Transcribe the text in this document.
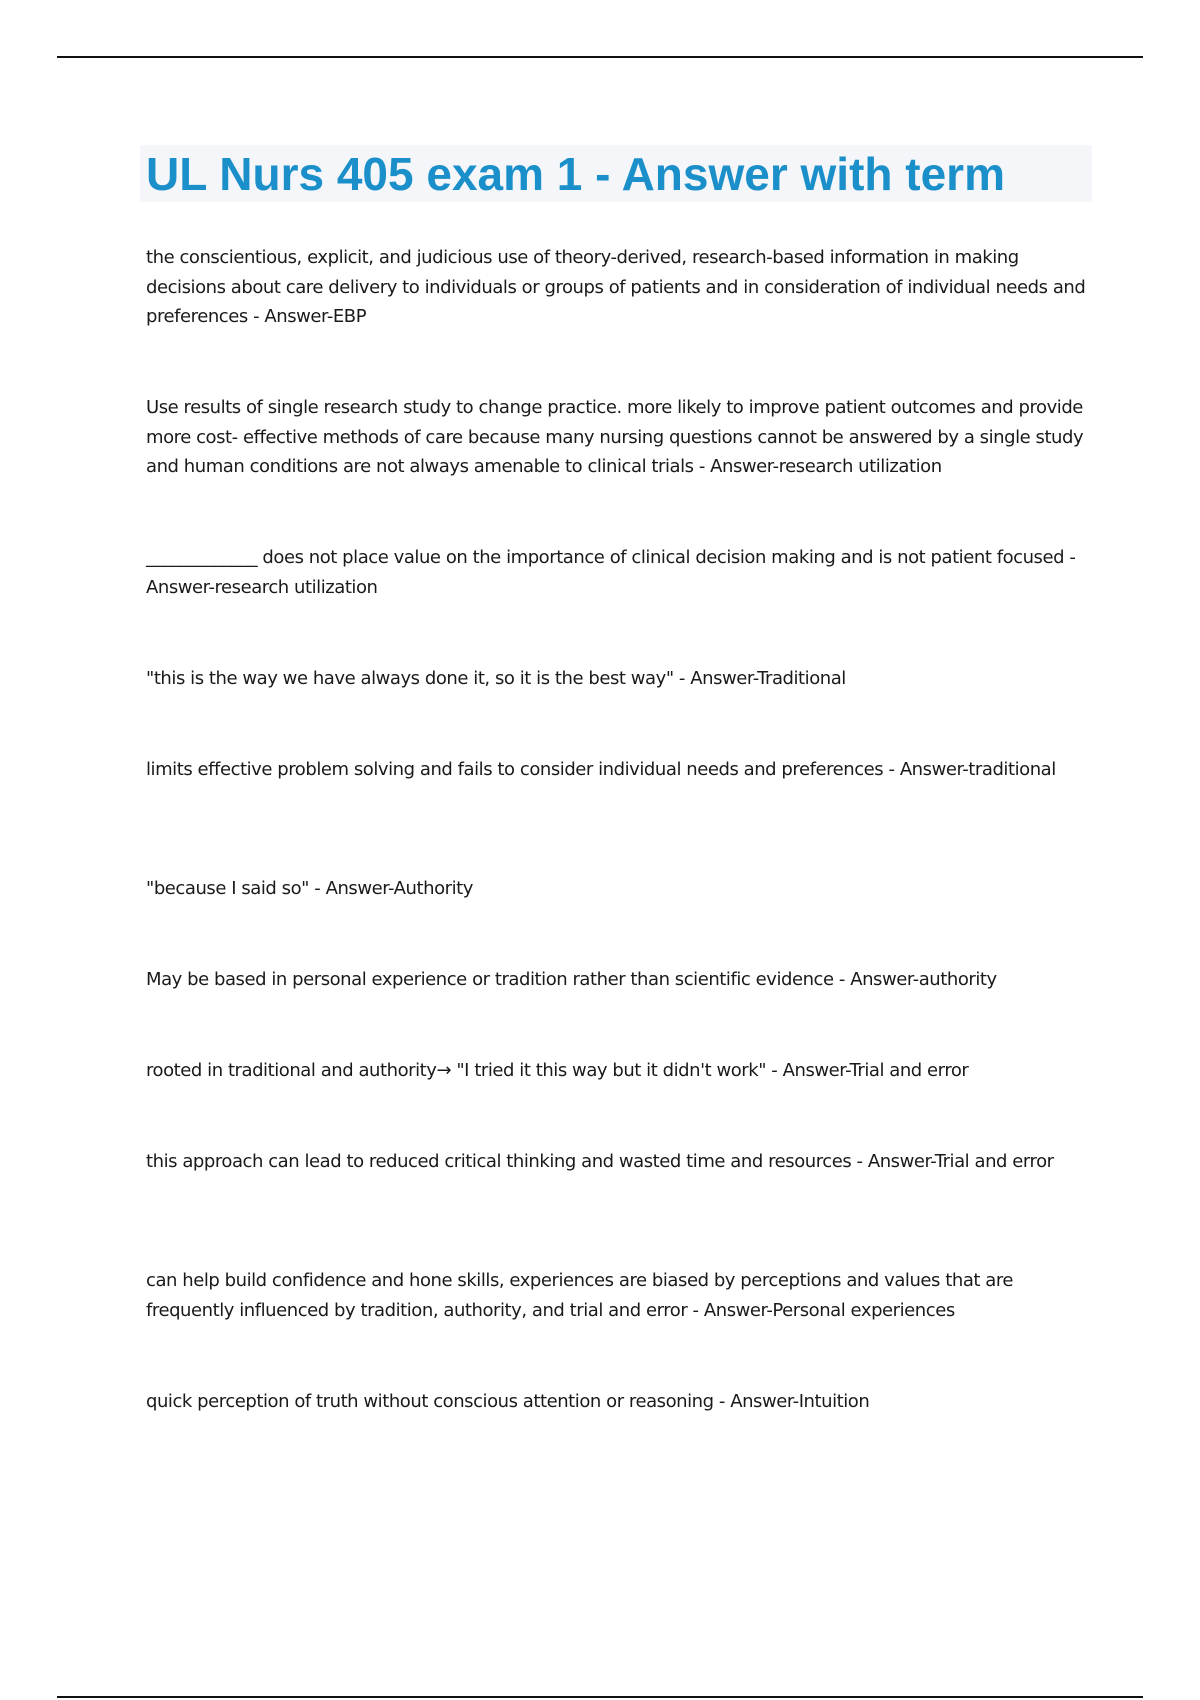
UL Nurs 405 exam 1 - Answer with term

the conscientious, explicit, and judicious use of theory-derived, research-based information in making decisions about care delivery to individuals or groups of patients and in consideration of individual needs and preferences - Answer-EBP

Use results of single research study to change practice. more likely to improve patient outcomes and provide more cost- effective methods of care because many nursing questions cannot be answered by a single study and human conditions are not always amenable to clinical trials - Answer-research utilization

_____________ does not place value on the importance of clinical decision making and is not patient focused - Answer-research utilization

"this is the way we have always done it, so it is the best way" - Answer-Traditional

limits effective problem solving and fails to consider individual needs and preferences - Answer-traditional

"because I said so" - Answer-Authority

May be based in personal experience or tradition rather than scientific evidence - Answer-authority

rooted in traditional and authority→ "I tried it this way but it didn't work" - Answer-Trial and error

this approach can lead to reduced critical thinking and wasted time and resources - Answer-Trial and error

can help build confidence and hone skills, experiences are biased by perceptions and values that are frequently influenced by tradition, authority, and trial and error - Answer-Personal experiences

quick perception of truth without conscious attention or reasoning - Answer-Intuition
